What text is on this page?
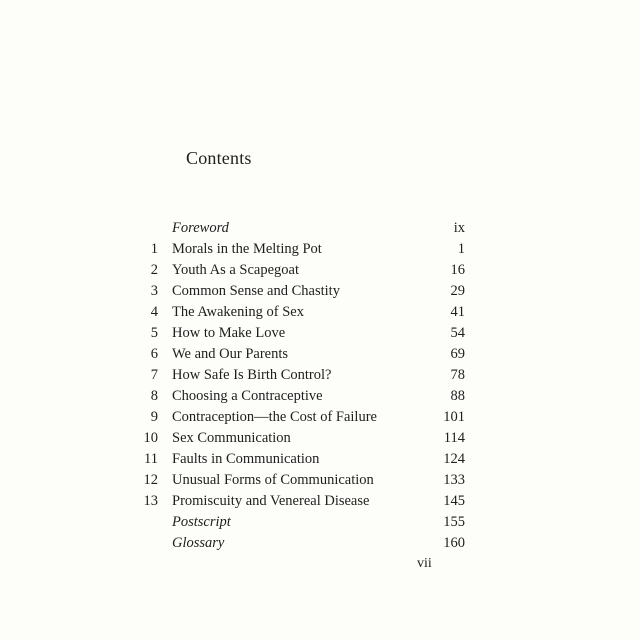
Contents
Foreword	ix
1 Morals in the Melting Pot	1
2 Youth As a Scapegoat	16
3 Common Sense and Chastity	29
4 The Awakening of Sex	41
5 How to Make Love	54
6 We and Our Parents	69
7 How Safe Is Birth Control?	78
8 Choosing a Contraceptive	88
9 Contraception—the Cost of Failure	101
10 Sex Communication	114
11 Faults in Communication	124
12 Unusual Forms of Communication	133
13 Promiscuity and Venereal Disease	145
Postscript	155
Glossary	160
vii
